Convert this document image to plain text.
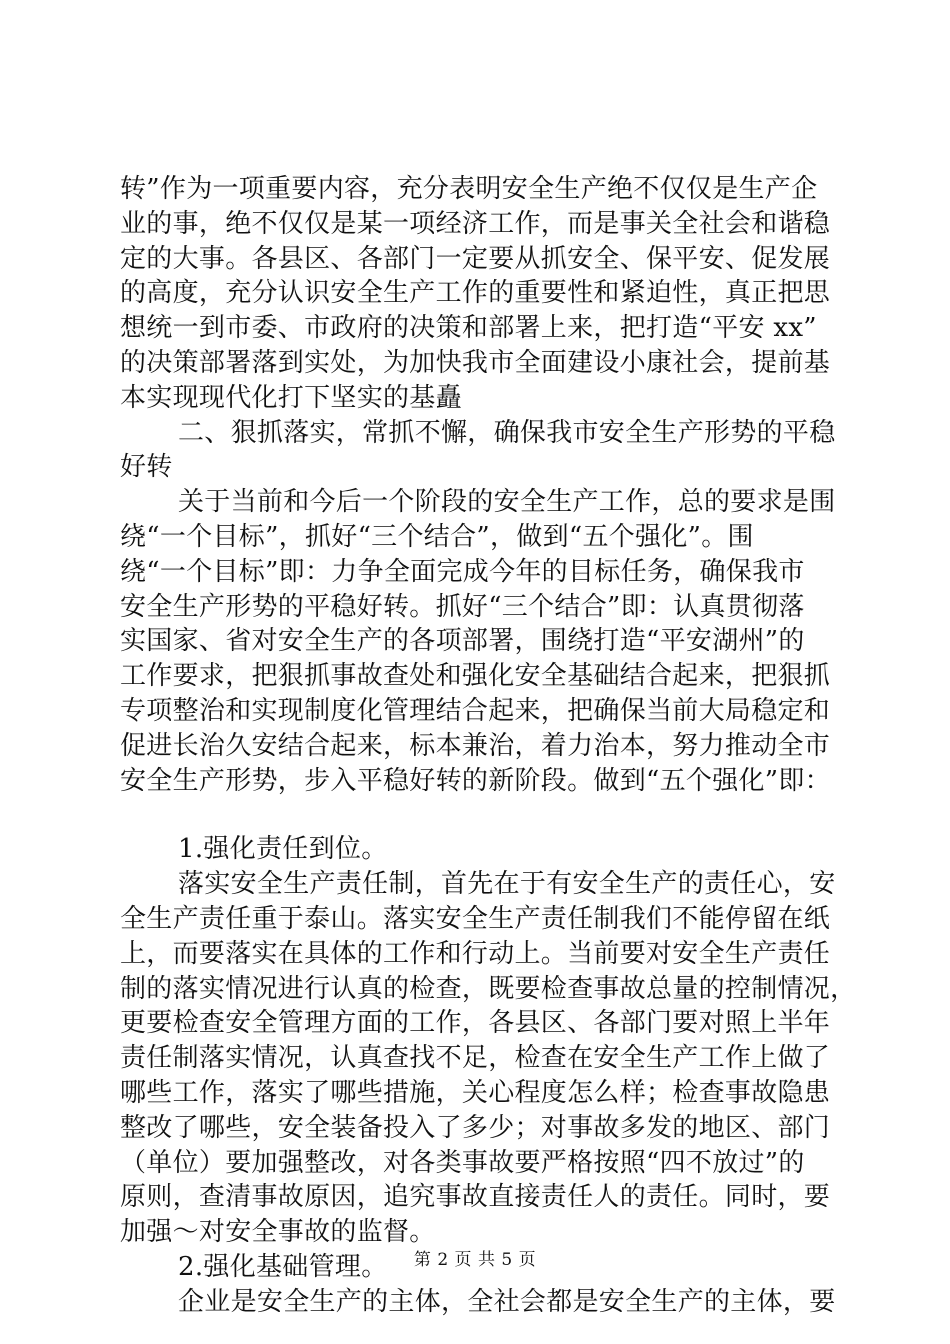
转”作为一项重要内容，充分表明安全生产绝不仅仅是生产企
业的事，绝不仅仅是某一项经济工作，而是事关全社会和谐稳
定的大事。各县区、各部门一定要从抓安全、保平安、促发展
的高度，充分认识安全生产工作的重要性和紧迫性，真正把思
想统一到市委、市政府的决策和部署上来，把打造“平安 xx”
的决策部署落到实处，为加快我市全面建设小康社会，提前基
本实现现代化打下坚实的基矗
二、狠抓落实，常抓不懈，确保我市安全生产形势的平稳
好转
关于当前和今后一个阶段的安全生产工作，总的要求是围
绕“一个目标”，抓好“三个结合”，做到“五个强化”。围
绕“一个目标”即：力争全面完成今年的目标任务，确保我市
安全生产形势的平稳好转。抓好“三个结合”即：认真贯彻落
实国家、省对安全生产的各项部署，围绕打造“平安湖州”的
工作要求，把狠抓事故查处和强化安全基础结合起来，把狠抓
专项整治和实现制度化管理结合起来，把确保当前大局稳定和
促进长治久安结合起来，标本兼治，着力治本，努力推动全市
安全生产形势，步入平稳好转的新阶段。做到“五个强化”即：
1.强化责任到位。
落实安全生产责任制，首先在于有安全生产的责任心，安
全生产责任重于泰山。落实安全生产责任制我们不能停留在纸
上，而要落实在具体的工作和行动上。当前要对安全生产责任
制的落实情况进行认真的检查，既要检查事故总量的控制情况，
更要检查安全管理方面的工作，各县区、各部门要对照上半年
责任制落实情况，认真查找不足，检查在安全生产工作上做了
哪些工作，落实了哪些措施，关心程度怎么样；检查事故隐患
整改了哪些，安全装备投入了多少；对事故多发的地区、部门
（单位）要加强整改，对各类事故要严格按照“四不放过”的
原则，查清事故原因，追究事故直接责任人的责任。同时，要
加强～对安全事故的监督。
2.强化基础管理。
企业是安全生产的主体，全社会都是安全生产的主体，要
第 2 页 共 5 页
